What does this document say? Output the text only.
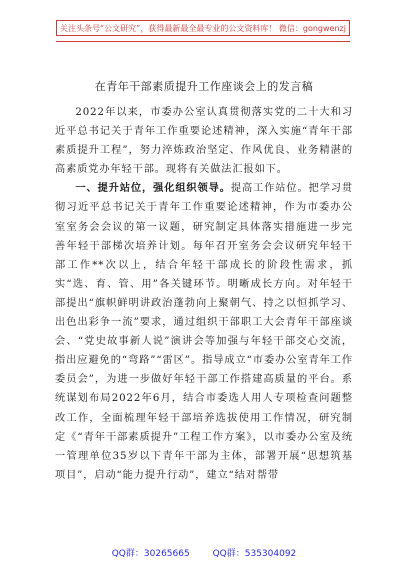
关注头条号“公文研究”，获得最新最全最专业的公文资料库！ 微信：gongwenzj
在青年干部素质提升工作座谈会上的发言稿

2022年以来，市委办公室认真贯彻落实党的二十大和习近平总书记关于青年工作重要论述精神，深入实施“青年干部素质提升工程”，努力淬炼政治坚定、作风优良、业务精湛的高素质党办年轻干部。现将有关做法汇报如下。

一、提升站位，强化组织领导。提高工作站位。把学习贯彻习近平总书记关于青年工作重要论述精神，作为市委办公室室务会会议的第一议题，研究制定具体落实措施进一步完善年轻干部梯次培养计划。每年召开室务会会议研究年轻干部工作**次以上，结合年轻干部成长的阶段性需求，抓实“选、育、管、用”各关键环节。明晰成长方向。对年轻干部提出“旗帜鲜明讲政治蓬勃向上聚朝气、持之以恒抓学习、出色出彩争一流”要求，通过组织干部职工大会青年干部座谈会、“党史故事新人说”演讲会等加强与年轻干部交心交流，指出应避免的“弯路”“雷区”。指导成立“市委办公室青年工作委员会”，为进一步做好年轻干部工作搭建高质量的平台。系统谋划布局2022年6月，结合市委选人用人专项检查问题整改工作，全面梳理年轻干部培养选拔使用工作情况，研究制定《“青年干部素质提升”工程工作方案》，以市委办公室及统一管理单位35岁以下青年干部为主体，部署开展“思想筑基项目”，启动“能力提升行动”，建立“结对帮带

QQ群：30265665	QQ群：535304092
